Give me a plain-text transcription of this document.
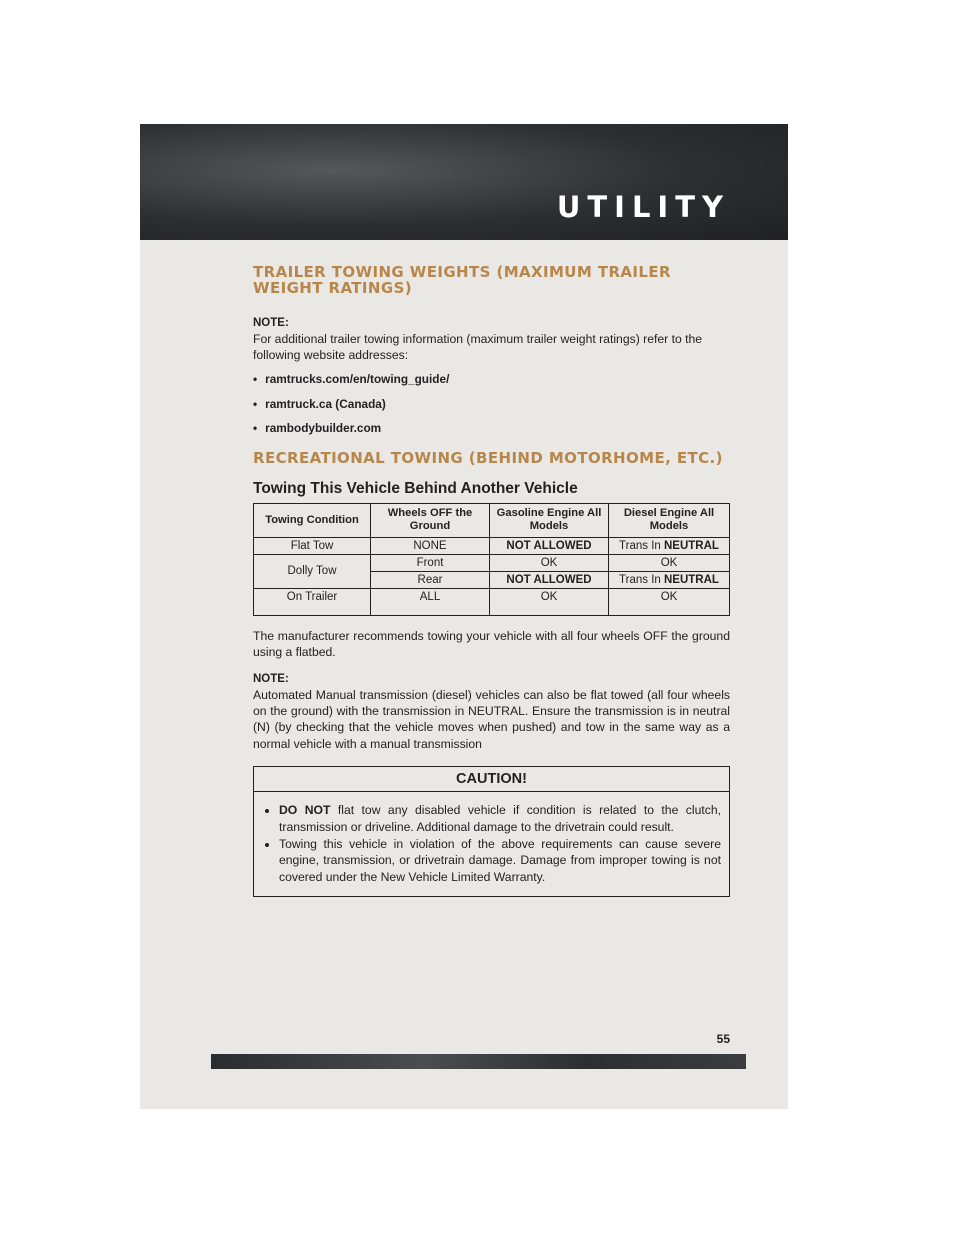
UTILITY
TRAILER TOWING WEIGHTS (MAXIMUM TRAILER WEIGHT RATINGS)
NOTE:

For additional trailer towing information (maximum trailer weight ratings) refer to the following website addresses:

• ramtrucks.com/en/towing_guide/
• ramtruck.ca (Canada)
• rambodybuilder.com
RECREATIONAL TOWING (BEHIND MOTORHOME, ETC.)
Towing This Vehicle Behind Another Vehicle
Towing Condition	Wheels OFF the Ground	Gasoline Engine All Models	Diesel Engine All Models
Flat Tow	NONE	NOT ALLOWED	Trans In NEUTRAL
Dolly Tow	Front	OK	OK
	Rear	NOT ALLOWED	Trans In NEUTRAL
On Trailer	ALL	OK	OK

The manufacturer recommends towing your vehicle with all four wheels OFF the ground using a flatbed.

NOTE:

Automated Manual transmission (diesel) vehicles can also be flat towed (all four wheels on the ground) with the transmission in NEUTRAL. Ensure the transmission is in neutral (N) (by checking that the vehicle moves when pushed) and tow in the same way as a normal vehicle with a manual transmission

CAUTION!
• DO NOT flat tow any disabled vehicle if condition is related to the clutch, transmission or driveline. Additional damage to the drivetrain could result.
• Towing this vehicle in violation of the above requirements can cause severe engine, transmission, or drivetrain damage. Damage from improper towing is not covered under the New Vehicle Limited Warranty.
55
